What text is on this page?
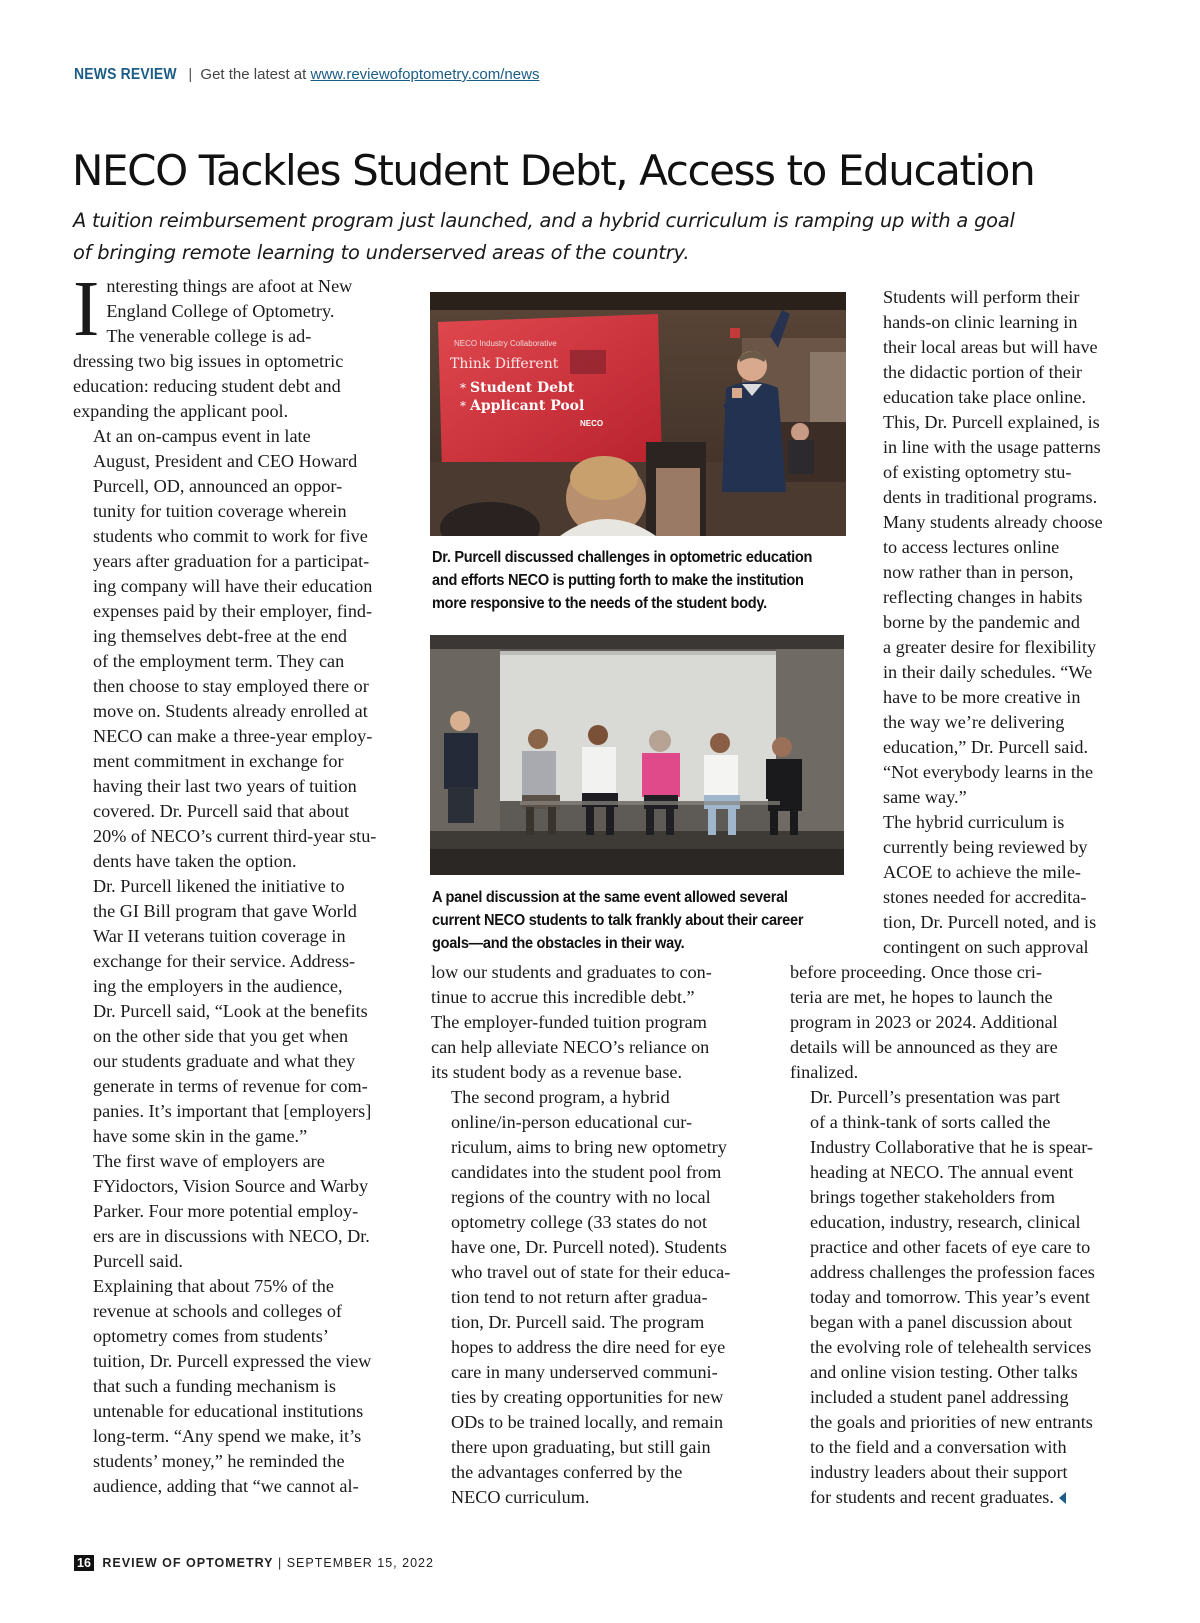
NEWS REVIEW | Get the latest at www.reviewofoptometry.com/news
NECO Tackles Student Debt, Access to Education

A tuition reimbursement program just launched, and a hybrid curriculum is ramping up with a goal
of bringing remote learning to underserved areas of the country.

I nteresting things are afoot at New
England College of Optometry.
The venerable college is ad-
dressing two big issues in optometric
education: reducing student debt and
expanding the applicant pool.

At an on-campus event in late
August, President and CEO Howard
Purcell, OD, announced an oppor-
tunity for tuition coverage wherein
students who commit to work for five
years after graduation for a participat-
ing company will have their education
expenses paid by their employer, find-
ing themselves debt-free at the end
of the employment term. They can
then choose to stay employed there or
move on. Students already enrolled at
NECO can make a three-year employ-
ment commitment in exchange for
having their last two years of tuition
covered. Dr. Purcell said that about
20% of NECO’s current third-year stu-
dents have taken the option.

Dr. Purcell likened the initiative to
the GI Bill program that gave World
War II veterans tuition coverage in
exchange for their service. Address-
ing the employers in the audience,
Dr. Purcell said, “Look at the benefits
on the other side that you get when
our students graduate and what they
generate in terms of revenue for com-
panies. It’s important that [employers]
have some skin in the game.”

The first wave of employers are
FYidoctors, Vision Source and Warby
Parker. Four more potential employ-
ers are in discussions with NECO, Dr.
Purcell said.

Explaining that about 75% of the
revenue at schools and colleges of
optometry comes from students’
tuition, Dr. Purcell expressed the view
that such a funding mechanism is
untenable for educational institutions
long-term. “Any spend we make, it’s
students’ money,” he reminded the
audience, adding that “we cannot al-

NECO Industry Collaborative
Think Different
Student Debt
Applicant Pool
*
*
NECO
Dr. Purcell discussed challenges in optometric education
and efforts NECO is putting forth to make the institution
more responsive to the needs of the student body.
A panel discussion at the same event allowed several
current NECO students to talk frankly about their career
goals—and the obstacles in their way.

low our students and graduates to con-
tinue to accrue this incredible debt.”
The employer-funded tuition program
can help alleviate NECO’s reliance on
its student body as a revenue base.

The second program, a hybrid
online/in-person educational cur-
riculum, aims to bring new optometry
candidates into the student pool from
regions of the country with no local
optometry college (33 states do not
have one, Dr. Purcell noted). Students
who travel out of state for their educa-
tion tend to not return after gradua-
tion, Dr. Purcell said. The program
hopes to address the dire need for eye
care in many underserved communi-
ties by creating opportunities for new
ODs to be trained locally, and remain
there upon graduating, but still gain
the advantages conferred by the
NECO curriculum.

Students will perform their
hands-on clinic learning in
their local areas but will have
the didactic portion of their
education take place online.
This, Dr. Purcell explained, is
in line with the usage patterns
of existing optometry stu-
dents in traditional programs.
Many students already choose
to access lectures online
now rather than in person,
reflecting changes in habits
borne by the pandemic and
a greater desire for flexibility
in their daily schedules. “We
have to be more creative in
the way we’re delivering
education,” Dr. Purcell said.
“Not everybody learns in the
same way.”

The hybrid curriculum is
currently being reviewed by
ACOE to achieve the mile-
stones needed for accredita-
tion, Dr. Purcell noted, and is
contingent on such approval

before proceeding. Once those cri-
teria are met, he hopes to launch the
program in 2023 or 2024. Additional
details will be announced as they are
finalized.

Dr. Purcell’s presentation was part
of a think-tank of sorts called the
Industry Collaborative that he is spear-
heading at NECO. The annual event
brings together stakeholders from
education, industry, research, clinical
practice and other facets of eye care to
address challenges the profession faces
today and tomorrow. This year’s event
began with a panel discussion about
the evolving role of telehealth services
and online vision testing. Other talks
included a student panel addressing
the goals and priorities of new entrants
to the field and a conversation with
industry leaders about their support
for students and recent graduates.

16 REVIEW OF OPTOMETRY | SEPTEMBER 15, 2022
